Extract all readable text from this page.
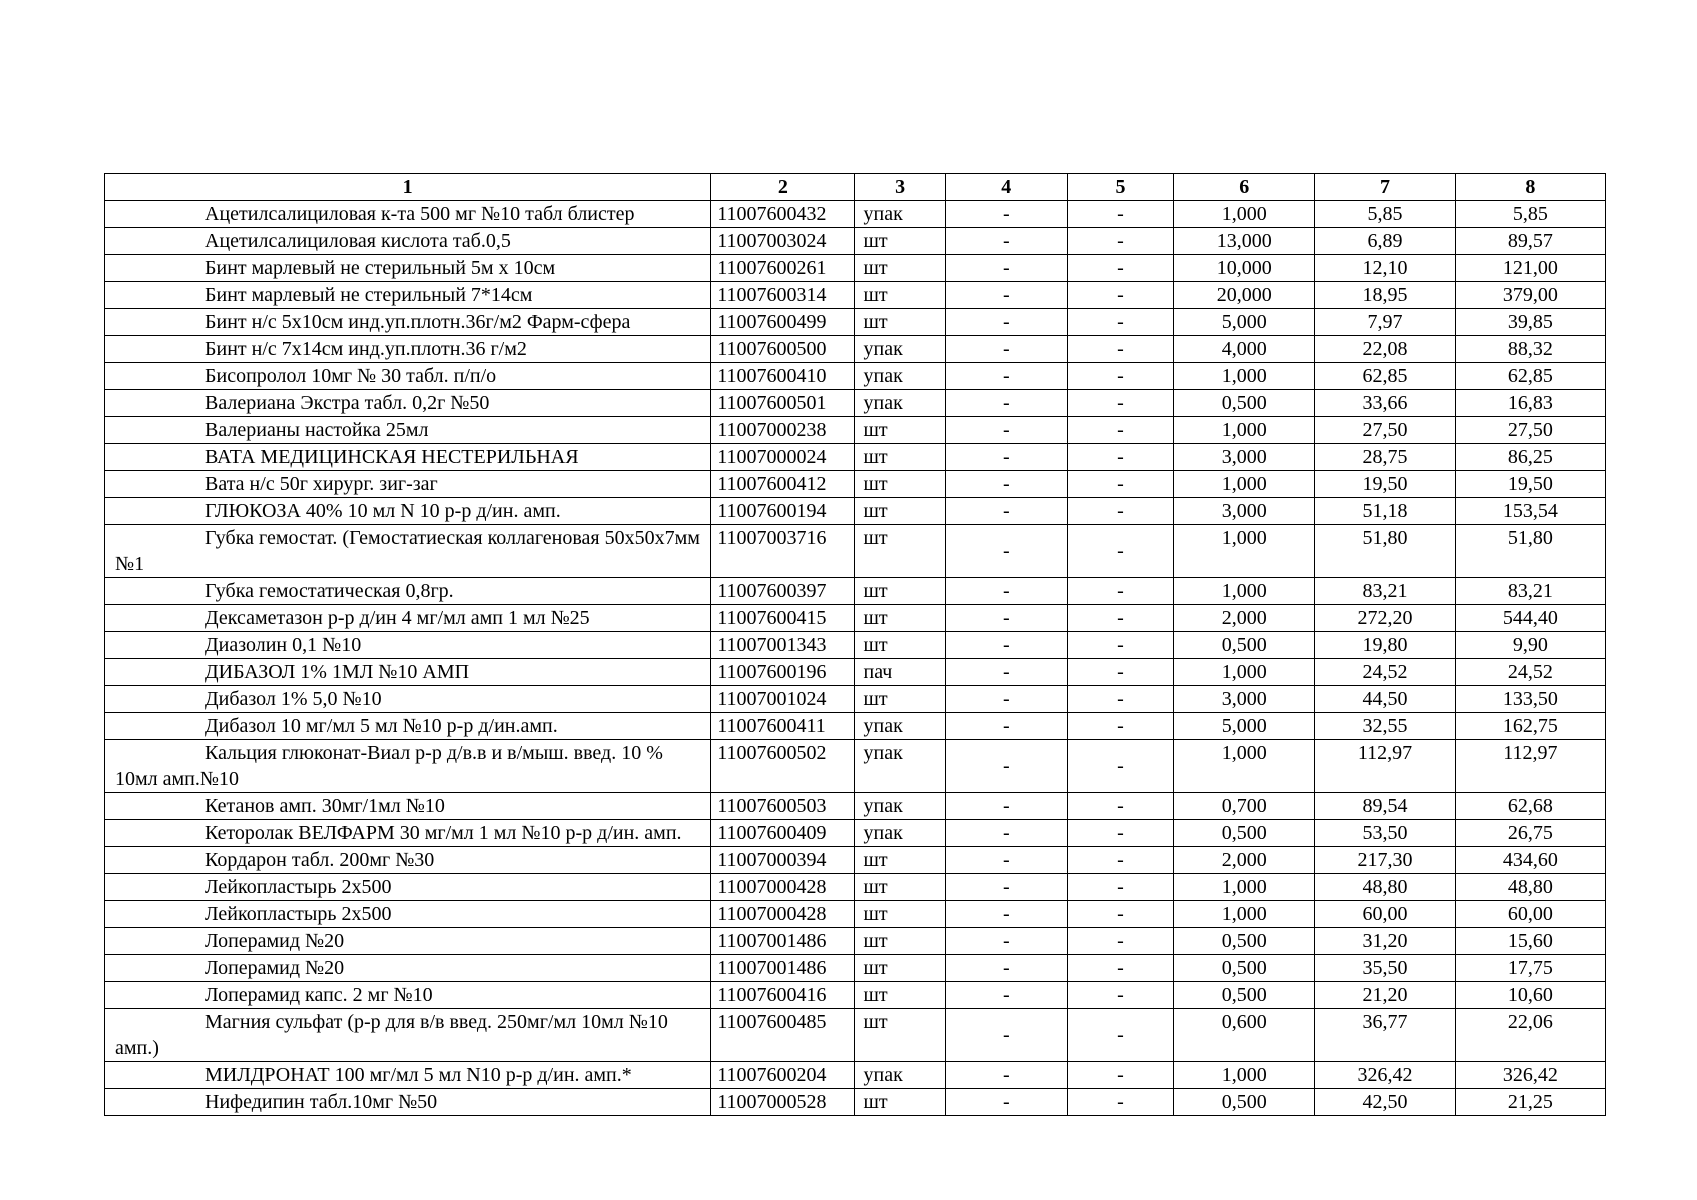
1	2	3	4	5	6	7	8
Ацетилсалициловая к-та 500 мг №10 табл блистер	11007600432	упак	-	-	1,000	5,85	5,85
Ацетилсалициловая кислота таб.0,5	11007003024	шт	-	-	13,000	6,89	89,57
Бинт марлевый не стерильный 5м х 10см	11007600261	шт	-	-	10,000	12,10	121,00
Бинт марлевый не стерильный 7*14см	11007600314	шт	-	-	20,000	18,95	379,00
Бинт н/с 5х10см инд.уп.плотн.36г/м2 Фарм-сфера	11007600499	шт	-	-	5,000	7,97	39,85
Бинт н/с 7х14см инд.уп.плотн.36 г/м2	11007600500	упак	-	-	4,000	22,08	88,32
Бисопролол 10мг № 30 табл. п/п/о	11007600410	упак	-	-	1,000	62,85	62,85
Валериана Экстра табл. 0,2г №50	11007600501	упак	-	-	0,500	33,66	16,83
Валерианы настойка 25мл	11007000238	шт	-	-	1,000	27,50	27,50
ВАТА МЕДИЦИНСКАЯ НЕСТЕРИЛЬНАЯ	11007000024	шт	-	-	3,000	28,75	86,25
Вата н/с 50г хирург. зиг-заг	11007600412	шт	-	-	1,000	19,50	19,50
ГЛЮКОЗА 40% 10 мл N 10 р-р д/ин. амп.	11007600194	шт	-	-	3,000	51,18	153,54
Губка гемостат. (Гемостатиеская коллагеновая 50х50х7мм №1	11007003716	шт	-	-	1,000	51,80	51,80
Губка гемостатическая 0,8гр.	11007600397	шт	-	-	1,000	83,21	83,21
Дексаметазон р-р д/ин 4 мг/мл амп 1 мл №25	11007600415	шт	-	-	2,000	272,20	544,40
Диазолин 0,1 №10	11007001343	шт	-	-	0,500	19,80	9,90
ДИБАЗОЛ 1% 1МЛ №10 АМП	11007600196	пач	-	-	1,000	24,52	24,52
Дибазол 1% 5,0 №10	11007001024	шт	-	-	3,000	44,50	133,50
Дибазол 10 мг/мл 5 мл №10 р-р д/ин.амп.	11007600411	упак	-	-	5,000	32,55	162,75
Кальция глюконат-Виал р-р д/в.в и в/мыш. введ. 10 % 10мл амп.№10	11007600502	упак	-	-	1,000	112,97	112,97
Кетанов амп. 30мг/1мл №10	11007600503	упак	-	-	0,700	89,54	62,68
Кеторолак ВЕЛФАРМ 30 мг/мл 1 мл №10 р-р д/ин. амп.	11007600409	упак	-	-	0,500	53,50	26,75
Кордарон табл. 200мг №30	11007000394	шт	-	-	2,000	217,30	434,60
Лейкопластырь 2х500	11007000428	шт	-	-	1,000	48,80	48,80
Лейкопластырь 2х500	11007000428	шт	-	-	1,000	60,00	60,00
Лоперамид №20	11007001486	шт	-	-	0,500	31,20	15,60
Лоперамид №20	11007001486	шт	-	-	0,500	35,50	17,75
Лоперамид капс. 2 мг №10	11007600416	шт	-	-	0,500	21,20	10,60
Магния сульфат (р-р для в/в введ. 250мг/мл 10мл №10 амп.)	11007600485	шт	-	-	0,600	36,77	22,06
МИЛДРОНАТ 100 мг/мл 5 мл N10 р-р д/ин. амп.*	11007600204	упак	-	-	1,000	326,42	326,42
Нифедипин табл.10мг №50	11007000528	шт	-	-	0,500	42,50	21,25
